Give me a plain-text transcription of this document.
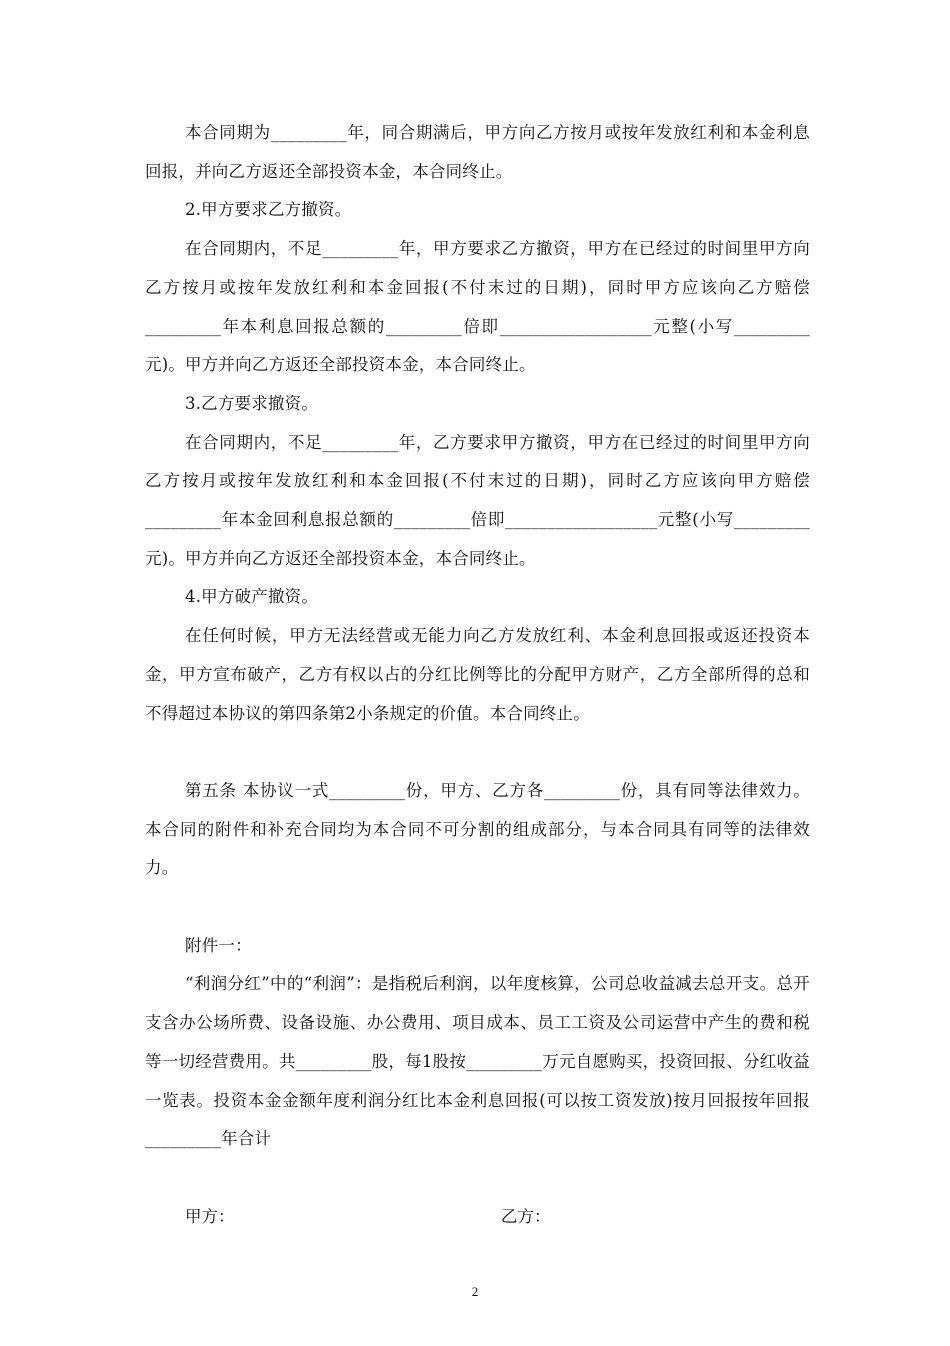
本合同期为_________年，同合期满后，甲方向乙方按月或按年发放红利和本金利息回报，并向乙方返还全部投资本金，本合同终止。

2.甲方要求乙方撤资。

在合同期内，不足_________年，甲方要求乙方撤资，甲方在已经过的时间里甲方向乙方按月或按年发放红利和本金回报(不付末过的日期)，同时甲方应该向乙方赔偿_________年本利息回报总额的_________倍即__________________元整(小写_________元)。甲方并向乙方返还全部投资本金，本合同终止。

3.乙方要求撤资。

在合同期内，不足_________年，乙方要求甲方撤资，甲方在已经过的时间里甲方向乙方按月或按年发放红利和本金回报(不付末过的日期)，同时乙方应该向甲方赔偿_________年本金回利息报总额的_________倍即__________________元整(小写_________元)。甲方并向乙方返还全部投资本金，本合同终止。

4.甲方破产撤资。

在任何时候，甲方无法经营或无能力向乙方发放红利、本金利息回报或返还投资本金，甲方宣布破产，乙方有权以占的分红比例等比的分配甲方财产，乙方全部所得的总和不得超过本协议的第四条第2小条规定的价值。本合同终止。

第五条 本协议一式_________份，甲方、乙方各_________份，具有同等法律效力。本合同的附件和补充合同均为本合同不可分割的组成部分，与本合同具有同等的法律效力。

附件一：

“利润分红”中的“利润”：是指税后利润，以年度核算，公司总收益减去总开支。总开支含办公场所费、设备设施、办公费用、项目成本、员工工资及公司运营中产生的费和税等一切经营费用。共_________股，每1股按_________万元自愿购买，投资回报、分红收益一览表。投资本金金额年度利润分红比本金利息回报(可以按工资发放)按月回报按年回报_________年合计

甲方：	乙方：
2
